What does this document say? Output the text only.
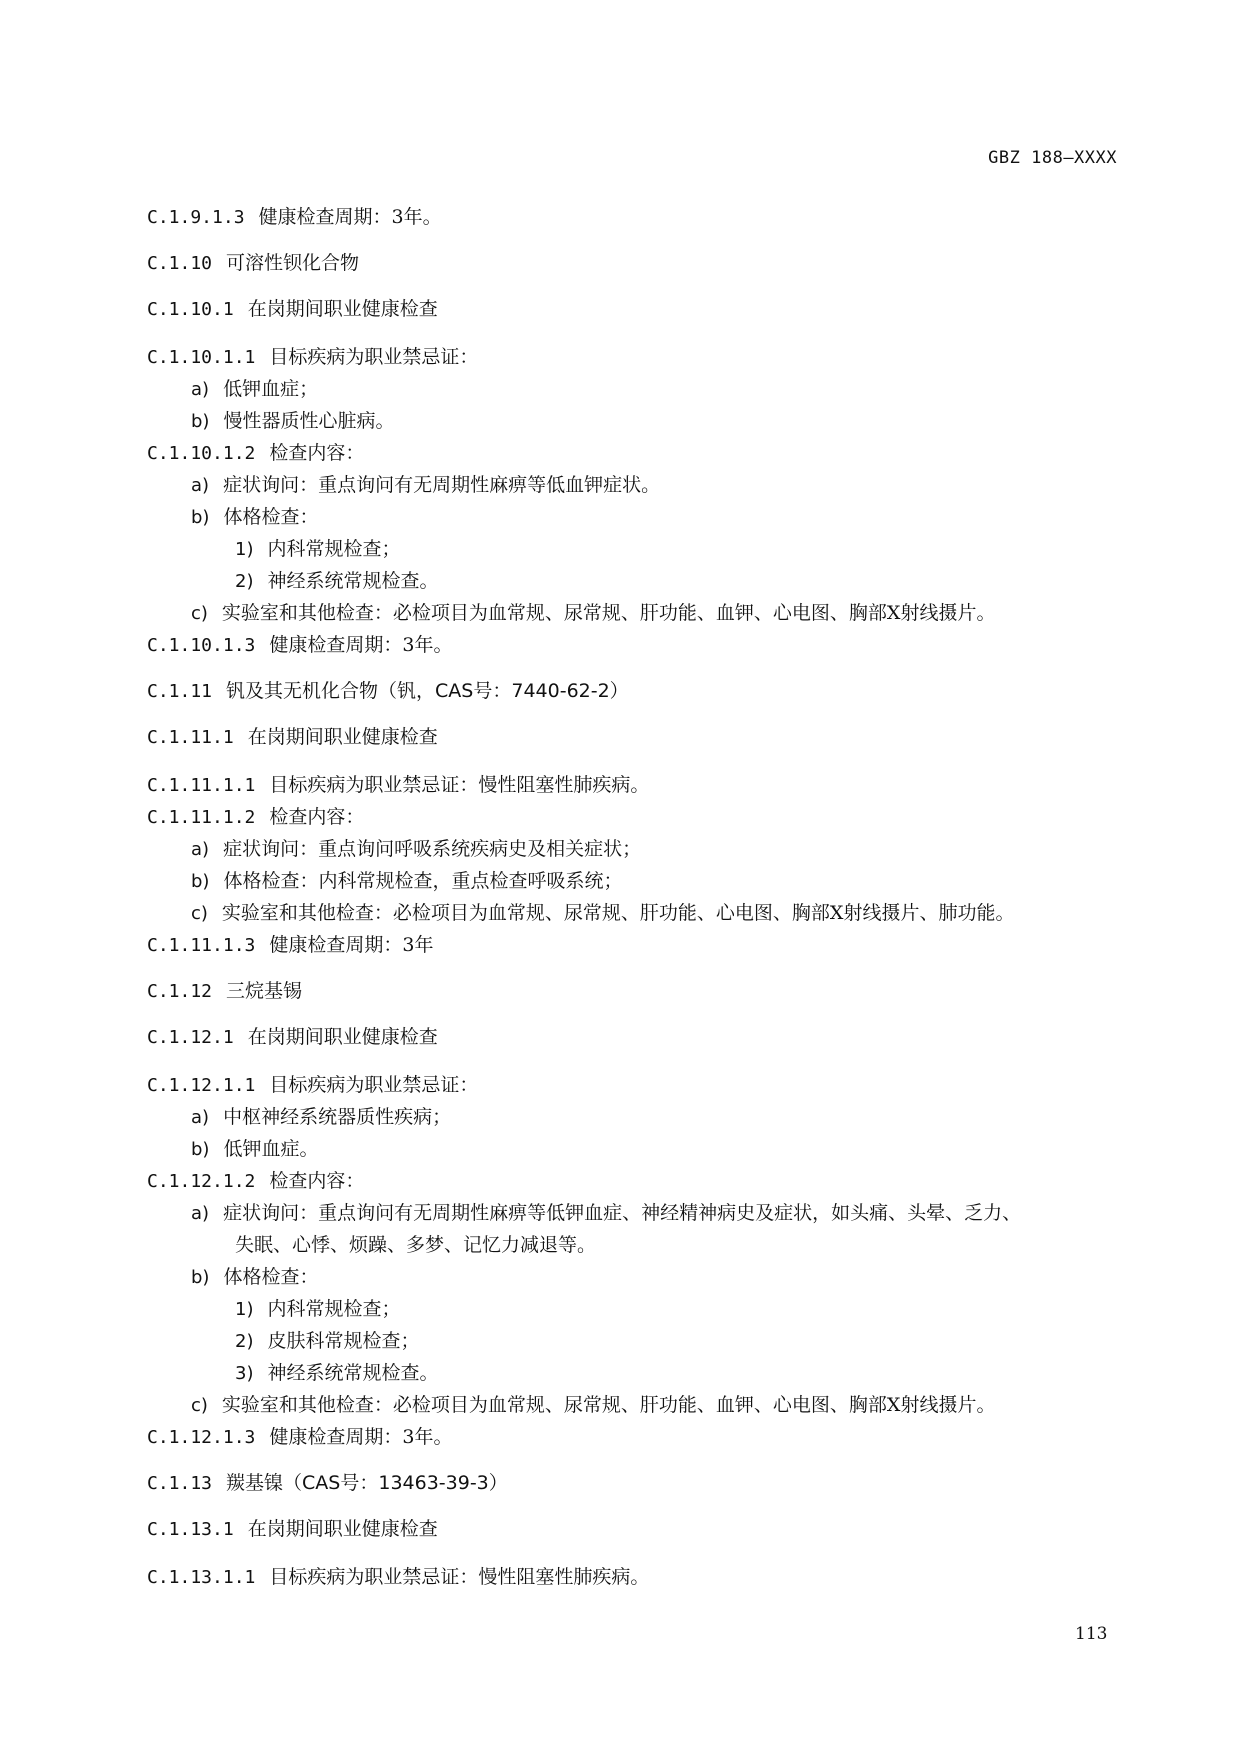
GBZ 188—XXXX
C.1.9.1.3 健康检查周期：3年。
C.1.10 可溶性钡化合物
C.1.10.1 在岗期间职业健康检查
C.1.10.1.1 目标疾病为职业禁忌证：
a) 低钾血症；
b) 慢性器质性心脏病。
C.1.10.1.2 检查内容：
a) 症状询问：重点询问有无周期性麻痹等低血钾症状。
b) 体格检查：
1) 内科常规检查；
2) 神经系统常规检查。
c) 实验室和其他检查：必检项目为血常规、尿常规、肝功能、血钾、心电图、胸部X射线摄片。
C.1.10.1.3 健康检查周期：3年。
C.1.11 钒及其无机化合物（钒，CAS号：7440-62-2）
C.1.11.1 在岗期间职业健康检查
C.1.11.1.1 目标疾病为职业禁忌证：慢性阻塞性肺疾病。
C.1.11.1.2 检查内容：
a) 症状询问：重点询问呼吸系统疾病史及相关症状；
b) 体格检查：内科常规检查，重点检查呼吸系统；
c) 实验室和其他检查：必检项目为血常规、尿常规、肝功能、心电图、胸部X射线摄片、肺功能。
C.1.11.1.3 健康检查周期：3年
C.1.12 三烷基锡
C.1.12.1 在岗期间职业健康检查
C.1.12.1.1 目标疾病为职业禁忌证：
a) 中枢神经系统器质性疾病；
b) 低钾血症。
C.1.12.1.2 检查内容：
a) 症状询问：重点询问有无周期性麻痹等低钾血症、神经精神病史及症状，如头痛、头晕、乏力、
失眠、心悸、烦躁、多梦、记忆力减退等。
b) 体格检查：
1) 内科常规检查；
2) 皮肤科常规检查；
3) 神经系统常规检查。
c) 实验室和其他检查：必检项目为血常规、尿常规、肝功能、血钾、心电图、胸部X射线摄片。
C.1.12.1.3 健康检查周期：3年。
C.1.13 羰基镍（CAS号：13463-39-3）
C.1.13.1 在岗期间职业健康检查
C.1.13.1.1 目标疾病为职业禁忌证：慢性阻塞性肺疾病。
113
